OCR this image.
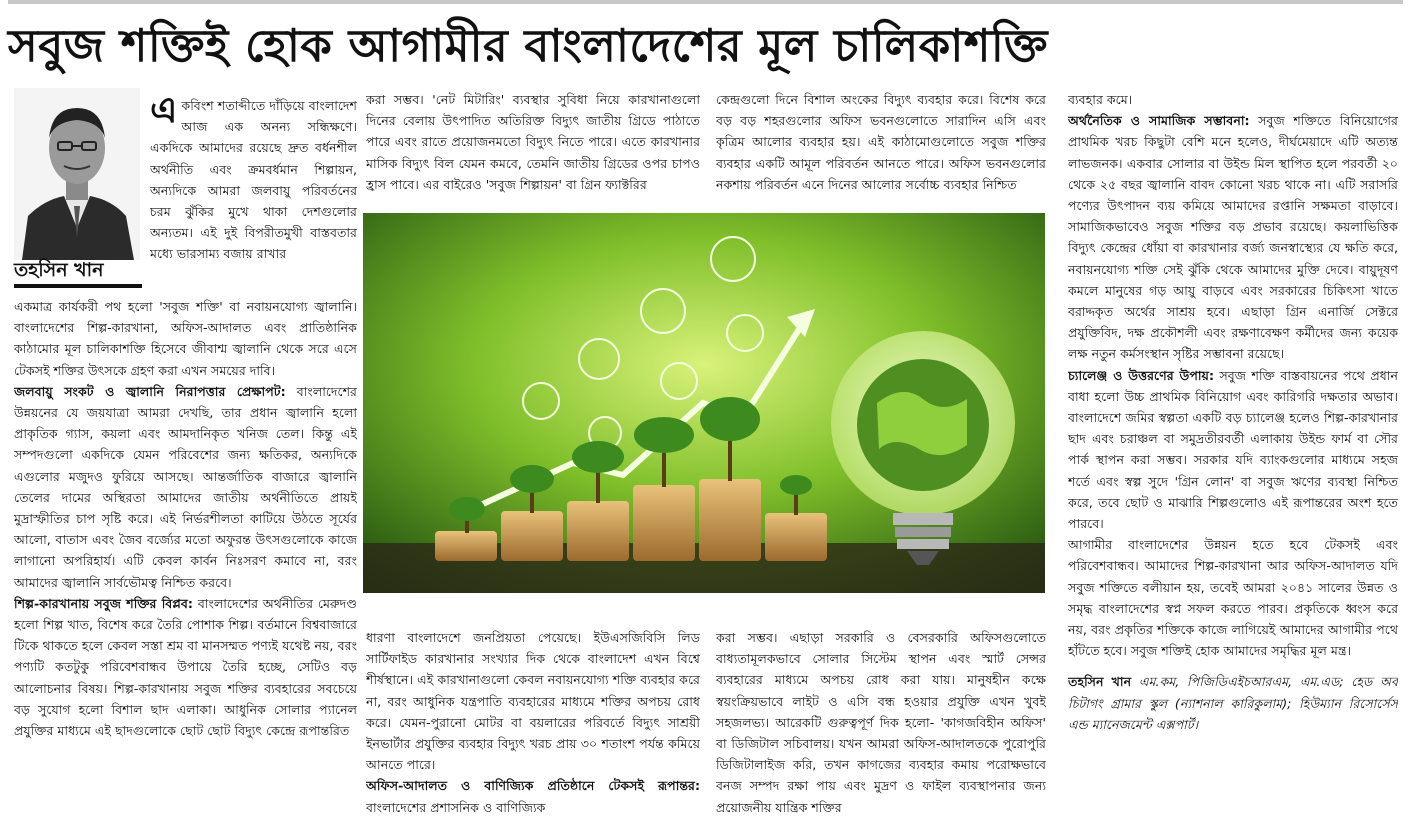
সবুজ শক্তিই হোক আগামীর বাংলাদেশের মূল চালিকাশক্তি
তহসিন খান
একবিংশ শতাব্দীতে দাঁড়িয়ে বাংলাদেশ আজ এক অনন্য সন্ধিক্ষণে। একদিকে আমাদের রয়েছে দ্রুত বর্ধনশীল অর্থনীতি এবং ক্রমবর্ধমান শিল্পায়ন, অন্যদিকে আমরা জলবায়ু পরিবর্তনের চরম ঝুঁকির মুখে থাকা দেশগুলোর অন্যতম। এই দুই বিপরীতমুখী বাস্তবতার মধ্যে ভারসাম্য বজায় রাখার

একমাত্র কার্যকরী পথ হলো 'সবুজ শক্তি' বা নবায়নযোগ্য জ্বালানি। বাংলাদেশের শিল্প-কারখানা, অফিস-আদালত এবং প্রাতিষ্ঠানিক কাঠামোর মূল চালিকাশক্তি হিসেবে জীবাশ্ম জ্বালানি থেকে সরে এসে টেকসই শক্তির উৎসকে গ্রহণ করা এখন সময়ের দাবি।

জলবায়ু সংকট ও জ্বালানি নিরাপত্তার প্রেক্ষাপট: বাংলাদেশের উন্নয়নের যে জয়যাত্রা আমরা দেখছি, তার প্রধান জ্বালানি হলো প্রাকৃতিক গ্যাস, কয়লা এবং আমদানিকৃত খনিজ তেল। কিন্তু এই সম্পদগুলো একদিকে যেমন পরিবেশের জন্য ক্ষতিকর, অন্যদিকে এগুলোর মজুদও ফুরিয়ে আসছে। আন্তর্জাতিক বাজারে জ্বালানি তেলের দামের অস্থিরতা আমাদের জাতীয় অর্থনীতিতে প্রায়ই মুদ্রাস্ফীতির চাপ সৃষ্টি করে। এই নির্ভরশীলতা কাটিয়ে উঠতে সূর্যের আলো, বাতাস এবং জৈব বর্জ্যের মতো অফুরন্ত উৎসগুলোকে কাজে লাগানো অপরিহার্য। এটি কেবল কার্বন নিঃসরণ কমাবে না, বরং আমাদের জ্বালানি সার্বভৌমত্ব নিশ্চিত করবে।

শিল্প-কারখানায় সবুজ শক্তির বিপ্লব: বাংলাদেশের অর্থনীতির মেরুদণ্ড হলো শিল্প খাত, বিশেষ করে তৈরি পোশাক শিল্প। বর্তমানে বিশ্ববাজারে টিকে থাকতে হলে কেবল সস্তা শ্রম বা মানসম্মত পণ্যই যথেষ্ট নয়, বরং পণ্যটি কতটুকু পরিবেশবান্ধব উপায়ে তৈরি হচ্ছে, সেটিও বড় আলোচনার বিষয়। শিল্প-কারখানায় সবুজ শক্তির ব্যবহারের সবচেয়ে বড় সুযোগ হলো বিশাল ছাদ এলাকা। আধুনিক সোলার প্যানেল প্রযুক্তির মাধ্যমে এই ছাদগুলোকে ছোট ছোট বিদ্যুৎ কেন্দ্রে রূপান্তরিত

করা সম্ভব। 'নেট মিটারিং' ব্যবস্থার সুবিধা নিয়ে কারখানাগুলো দিনের বেলায় উৎপাদিত অতিরিক্ত বিদ্যুৎ জাতীয় গ্রিডে পাঠাতে পারে এবং রাতে প্রয়োজনমতো বিদ্যুৎ নিতে পারে। এতে কারখানার মাসিক বিদ্যুৎ বিল যেমন কমবে, তেমনি জাতীয় গ্রিডের ওপর চাপও হ্রাস পাবে। এর বাইরেও 'সবুজ শিল্পায়ন' বা গ্রিন ফ্যাক্টরির

কেন্দ্রগুলো দিনে বিশাল অংকের বিদ্যুৎ ব্যবহার করে। বিশেষ করে বড় বড় শহরগুলোর অফিস ভবনগুলোতে সারাদিন এসি এবং কৃত্রিম আলোর ব্যবহার হয়। এই কাঠামোগুলোতে সবুজ শক্তির ব্যবহার একটি আমূল পরিবর্তন আনতে পারে। অফিস ভবনগুলোর নকশায় পরিবর্তন এনে দিনের আলোর সর্বোচ্চ ব্যবহার নিশ্চিত

ধারণা বাংলাদেশে জনপ্রিয়তা পেয়েছে। ইউএসজিবিসি লিড সার্টিফাইড কারখানার সংখ্যার দিক থেকে বাংলাদেশ এখন বিশ্বে শীর্ষস্থানে। এই কারখানাগুলো কেবল নবায়নযোগ্য শক্তি ব্যবহার করে না, বরং আধুনিক যন্ত্রপাতি ব্যবহারের মাধ্যমে শক্তির অপচয় রোধ করে। যেমন-পুরানো মোটর বা বয়লারের পরিবর্তে বিদ্যুৎ সাশ্রয়ী ইনভার্টার প্রযুক্তির ব্যবহার বিদ্যুৎ খরচ প্রায় ৩০ শতাংশ পর্যন্ত কমিয়ে আনতে পারে।

অফিস-আদালত ও বাণিজ্যিক প্রতিষ্ঠানে টেকসই রূপান্তর: বাংলাদেশের প্রশাসনিক ও বাণিজ্যিক

করা সম্ভব। এছাড়া সরকারি ও বেসরকারি অফিসগুলোতে বাধ্যতামূলকভাবে সোলার সিস্টেম স্থাপন এবং স্মার্ট সেন্সর ব্যবহারের মাধ্যমে অপচয় রোধ করা যায়। মানুষহীন কক্ষে স্বয়ংক্রিয়ভাবে লাইট ও এসি বন্ধ হওয়ার প্রযুক্তি এখন খুবই সহজলভ্য। আরেকটি গুরুত্বপূর্ণ দিক হলো- 'কাগজবিহীন অফিস' বা ডিজিটাল সচিবালয়। যখন আমরা অফিস-আদালতকে পুরোপুরি ডিজিটালাইজ করি, তখন কাগজের ব্যবহার কমায় পরোক্ষভাবে বনজ সম্পদ রক্ষা পায় এবং মুদ্রণ ও ফাইল ব্যবস্থাপনার জন্য প্রয়োজনীয় যান্ত্রিক শক্তির

ব্যবহার কমে।

অর্থনৈতিক ও সামাজিক সম্ভাবনা: সবুজ শক্তিতে বিনিয়োগের প্রাথমিক খরচ কিছুটা বেশি মনে হলেও, দীর্ঘমেয়াদে এটি অত্যন্ত লাভজনক। একবার সোলার বা উইন্ড মিল স্থাপিত হলে পরবর্তী ২০ থেকে ২৫ বছর জ্বালানি বাবদ কোনো খরচ থাকে না। এটি সরাসরি পণ্যের উৎপাদন ব্যয় কমিয়ে আমাদের রপ্তানি সক্ষমতা বাড়াবে। সামাজিকভাবেও সবুজ শক্তির বড় প্রভাব রয়েছে। কয়লাভিত্তিক বিদ্যুৎ কেন্দ্রের ধোঁয়া বা কারখানার বর্জ্য জনস্বাস্থ্যের যে ক্ষতি করে, নবায়নযোগ্য শক্তি সেই ঝুঁকি থেকে আমাদের মুক্তি দেবে। বায়ুদূষণ কমলে মানুষের গড় আয়ু বাড়বে এবং সরকারের চিকিৎসা খাতে বরাদ্দকৃত অর্থের সাশ্রয় হবে। এছাড়া গ্রিন এনার্জি সেক্টরে প্রযুক্তিবিদ, দক্ষ প্রকৌশলী এবং রক্ষণাবেক্ষণ কর্মীদের জন্য কয়েক লক্ষ নতুন কর্মসংস্থান সৃষ্টির সম্ভাবনা রয়েছে।

চ্যালেঞ্জ ও উত্তরণের উপায়: সবুজ শক্তি বাস্তবায়নের পথে প্রধান বাধা হলো উচ্চ প্রাথমিক বিনিয়োগ এবং কারিগরি দক্ষতার অভাব। বাংলাদেশে জমির স্বল্পতা একটি বড় চ্যালেঞ্জ হলেও শিল্প-কারখানার ছাদ এবং চরাঞ্চল বা সমুদ্রতীরবর্তী এলাকায় উইন্ড ফার্ম বা সৌর পার্ক স্থাপন করা সম্ভব। সরকার যদি ব্যাংকগুলোর মাধ্যমে সহজ শর্তে এবং স্বল্প সুদে 'গ্রিন লোন' বা সবুজ ঋণের ব্যবস্থা নিশ্চিত করে, তবে ছোট ও মাঝারি শিল্পগুলোও এই রূপান্তরের অংশ হতে পারবে।

আগামীর বাংলাদেশের উন্নয়ন হতে হবে টেকসই এবং পরিবেশবান্ধব। আমাদের শিল্প-কারখানা আর অফিস-আদালত যদি সবুজ শক্তিতে বলীয়ান হয়, তবেই আমরা ২০৪১ সালের উন্নত ও সমৃদ্ধ বাংলাদেশের স্বপ্ন সফল করতে পারব। প্রকৃতিকে ধ্বংস করে নয়, বরং প্রকৃতির শক্তিকে কাজে লাগিয়েই আমাদের আগামীর পথে হাঁটতে হবে। সবুজ শক্তিই হোক আমাদের সমৃদ্ধির মূল মন্ত্র।

তহসিন খান এম.কম, পিজিডিএইচআরএম, এম.এড; হেড অব চিটাগং গ্রামার স্কুল (ন্যাশনাল কারিকুলাম); হিউম্যান রিসোর্সেস এন্ড ম্যানেজমেন্ট এক্সপার্ট।
